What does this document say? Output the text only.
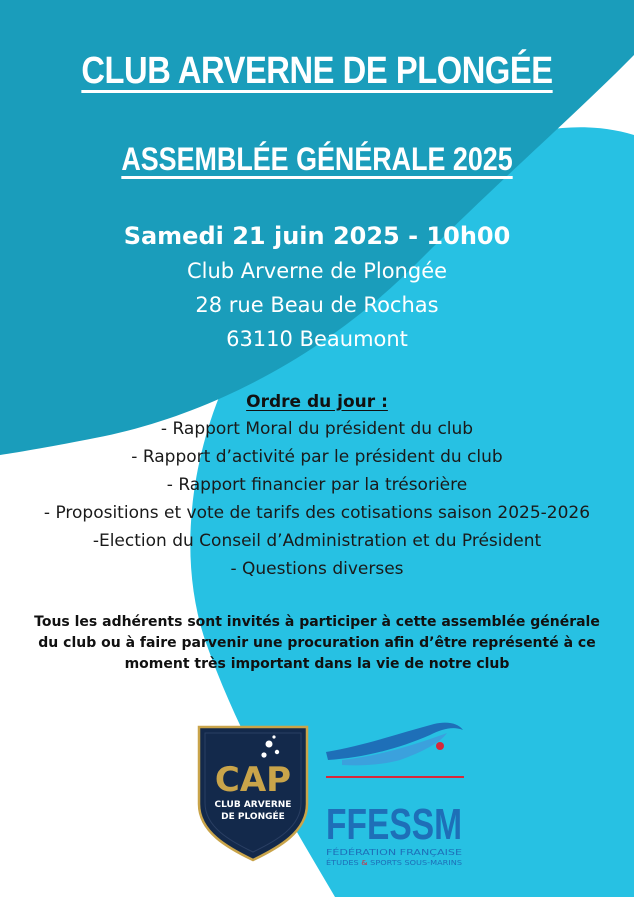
CLUB ARVERNE DE PLONGÉE
ASSEMBLÉE GÉNÉRALE 2025
Samedi 21 juin 2025 - 10h00
Club Arverne de Plongée
28 rue Beau de Rochas
63110 Beaumont
Ordre du jour :
- Rapport Moral du président du club
- Rapport d’activité par le président du club
- Rapport financier par la trésorière
- Propositions et vote de tarifs des cotisations saison 2025-2026
-Election du Conseil d’Administration et du Président
- Questions diverses
Tous les adhérents sont invités à participer à cette assemblée générale
du club ou à faire parvenir une procuration afin d’être représenté à ce
moment très important dans la vie de notre club
CAP
CLUB ARVERNE
DE PLONGÉE FFESSM
FÉDÉRATION FRANÇAISE
ÉTUDES & SPORTS SOUS-MARINS
